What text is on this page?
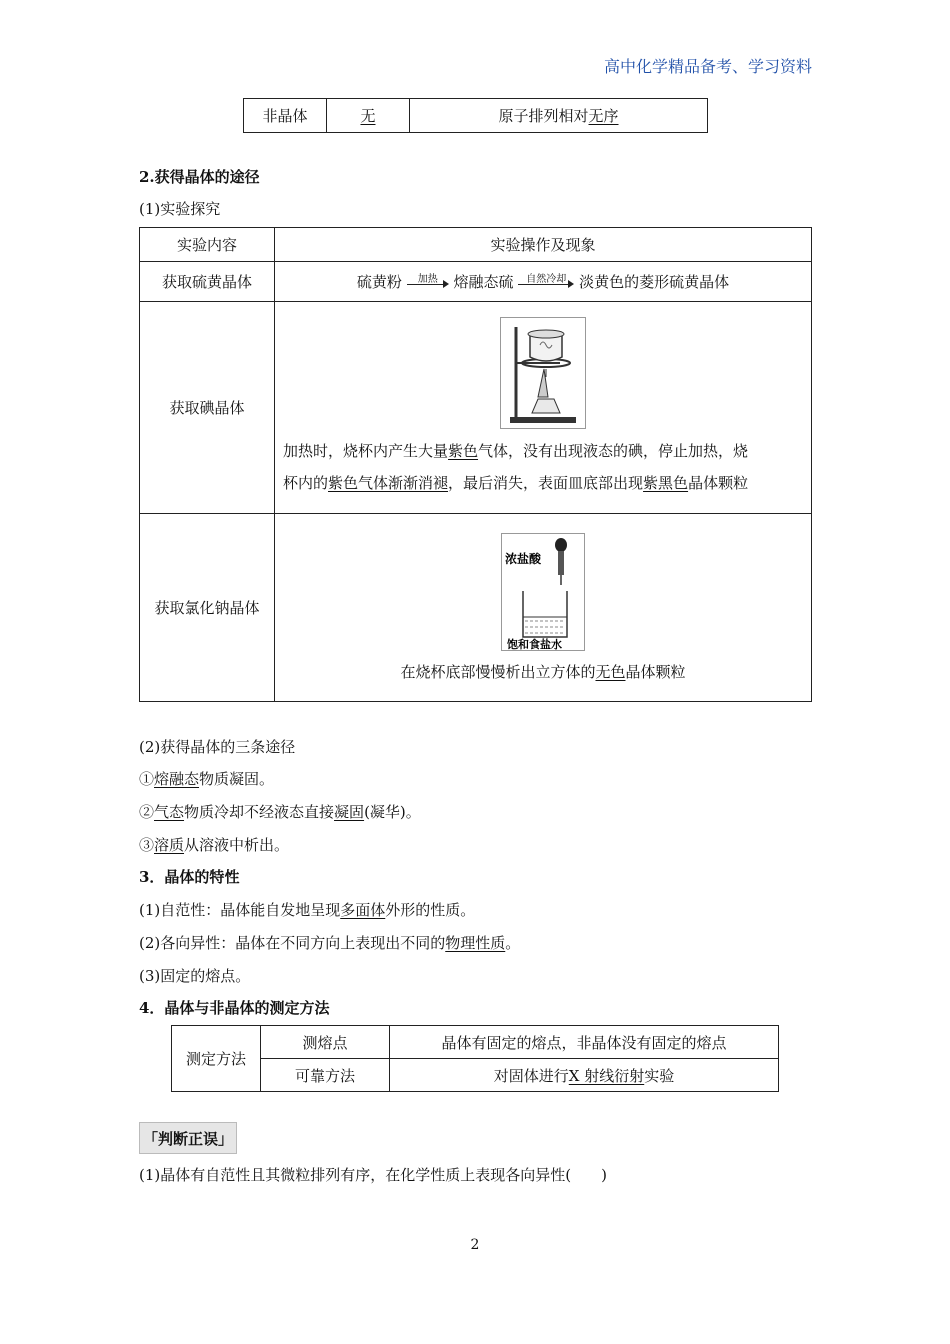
高中化学精品备考、学习资料
非晶体	无	原子排列相对无序
2.获得晶体的途径
(1)实验探究
实验内容	实验操作及现象
获取硫黄晶体	硫黄粉 加热 熔融态硫 自然冷却 淡黄色的菱形硫黄晶体
获取碘晶体	加热时，烧杯内产生大量紫色气体，没有出现液态的碘，停止加热，烧
杯内的紫色气体渐渐消褪，最后消失，表面皿底部出现紫黑色晶体颗粒

获取氯化钠晶体	浓盐酸
饱和食盐水
在烧杯底部慢慢析出立方体的无色晶体颗粒
(2)获得晶体的三条途径
①熔融态物质凝固。
②气态物质冷却不经液态直接凝固(凝华)。
③溶质从溶液中析出。
3．晶体的特性
(1)自范性：晶体能自发地呈现多面体外形的性质。
(2)各向异性：晶体在不同方向上表现出不同的物理性质。
(3)固定的熔点。
4．晶体与非晶体的测定方法
测定方法	测熔点	晶体有固定的熔点，非晶体没有固定的熔点
	可靠方法	对固体进行X 射线衍射实验
「判断正误」
(1)晶体有自范性且其微粒排列有序，在化学性质上表现各向异性(　　)
2
